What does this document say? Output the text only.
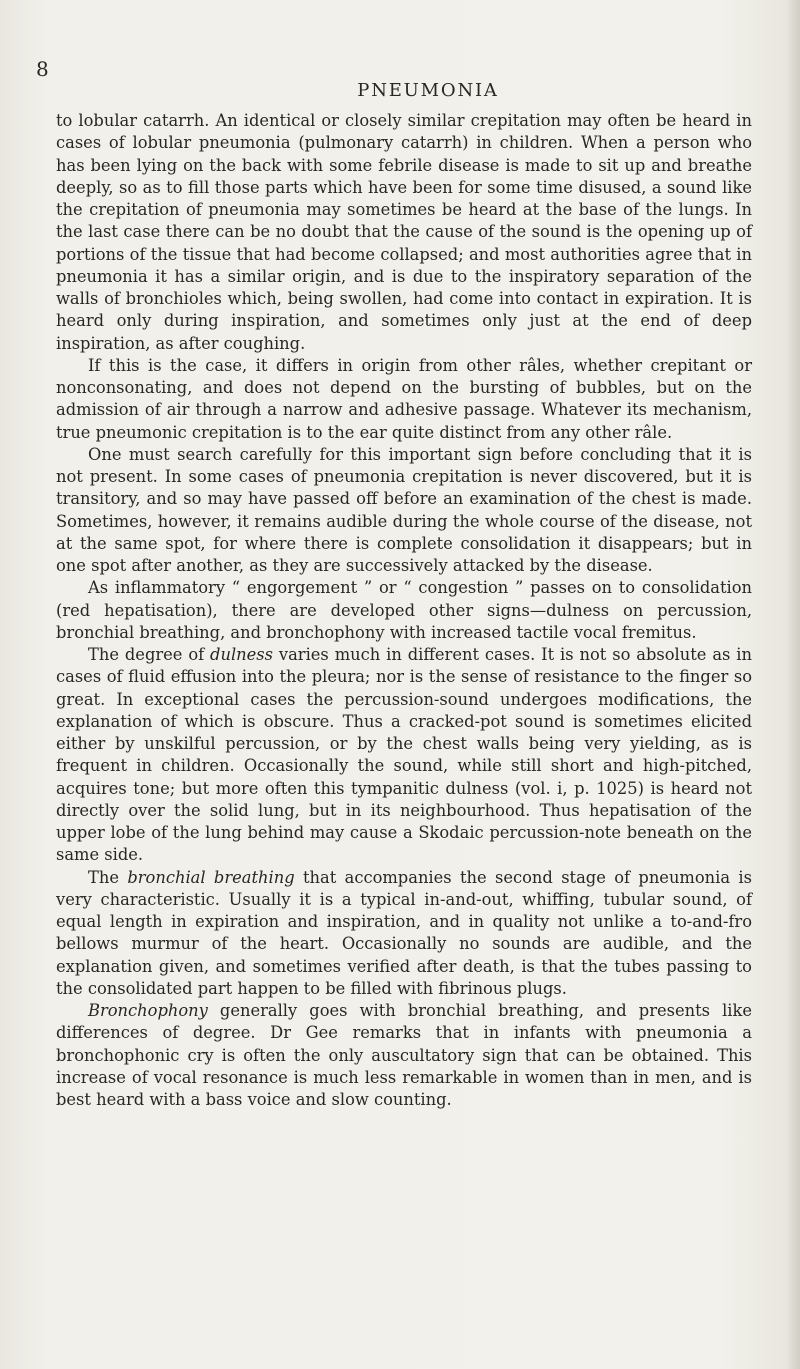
8

PNEUMONIA

to lobular catarrh. An identical or closely similar crepitation may often be heard in cases of lobular pneumonia (pulmonary catarrh) in children. When a person who has been lying on the back with some febrile disease is made to sit up and breathe deeply, so as to fill those parts which have been for some time disused, a sound like the crepitation of pneumonia may sometimes be heard at the base of the lungs. In the last case there can be no doubt that the cause of the sound is the opening up of portions of the tissue that had become collapsed; and most authorities agree that in pneumonia it has a similar origin, and is due to the inspiratory separation of the walls of bronchioles which, being swollen, had come into contact in expiration. It is heard only during inspiration, and sometimes only just at the end of deep inspiration, as after coughing.

If this is the case, it differs in origin from other râles, whether crepitant or nonconsonating, and does not depend on the bursting of bubbles, but on the admission of air through a narrow and adhesive passage. Whatever its mechanism, true pneumonic crepitation is to the ear quite distinct from any other râle.

One must search carefully for this important sign before concluding that it is not present. In some cases of pneumonia crepitation is never discovered, but it is transitory, and so may have passed off before an examination of the chest is made. Sometimes, however, it remains audible during the whole course of the disease, not at the same spot, for where there is complete consolidation it disappears; but in one spot after another, as they are successively attacked by the disease.

As inflammatory “ engorgement ” or “ congestion ” passes on to consolidation (red hepatisation), there are developed other signs—dulness on percussion, bronchial breathing, and bronchophony with increased tactile vocal fremitus.

The degree of dulness varies much in different cases. It is not so absolute as in cases of fluid effusion into the pleura; nor is the sense of resistance to the finger so great. In exceptional cases the percussion-sound undergoes modifications, the explanation of which is obscure. Thus a cracked-pot sound is sometimes elicited either by unskilful percussion, or by the chest walls being very yielding, as is frequent in children. Occasionally the sound, while still short and high-pitched, acquires tone; but more often this tympanitic dulness (vol. i, p. 1025) is heard not directly over the solid lung, but in its neighbourhood. Thus hepatisation of the upper lobe of the lung behind may cause a Skodaic percussion-note beneath on the same side.

The bronchial breathing that accompanies the second stage of pneumonia is very characteristic. Usually it is a typical in-and-out, whiffing, tubular sound, of equal length in expiration and inspiration, and in quality not unlike a to-and-fro bellows murmur of the heart. Occasionally no sounds are audible, and the explanation given, and sometimes verified after death, is that the tubes passing to the consolidated part happen to be filled with fibrinous plugs.

Bronchophony generally goes with bronchial breathing, and presents like differences of degree. Dr Gee remarks that in infants with pneumonia a bronchophonic cry is often the only auscultatory sign that can be obtained. This increase of vocal resonance is much less remarkable in women than in men, and is best heard with a bass voice and slow counting.
